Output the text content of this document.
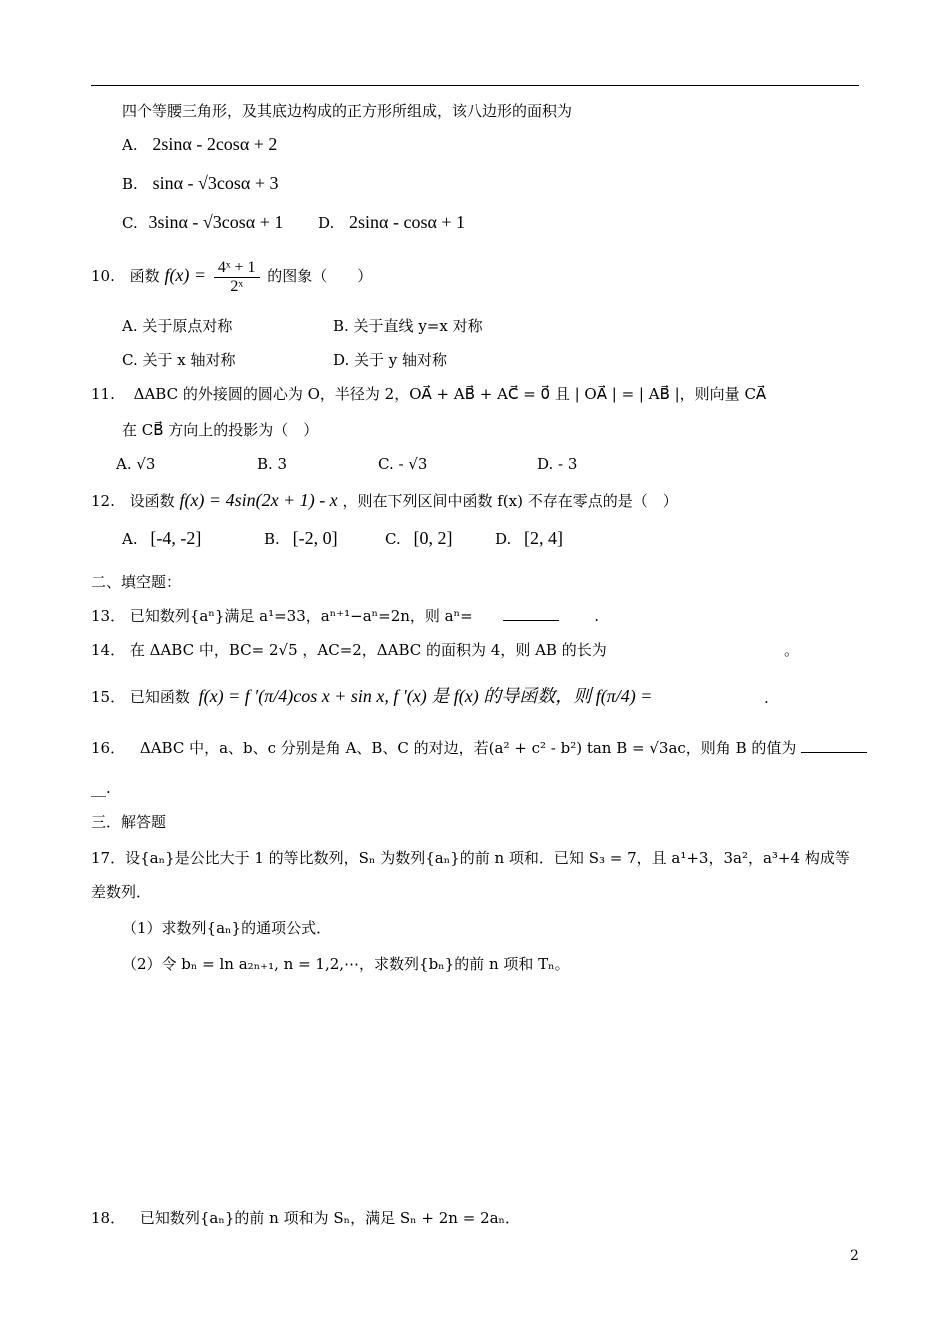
四个等腰三角形，及其底边构成的正方形所组成，该八边形的面积为
A. 2sinα - 2cosα + 2
B. sinα - √3cosα + 3
C. 3sinα - √3cosα + 1 D. 2sinα - cosα + 1
10. 函数 $f(x) = \frac{\text{4ˣ + 1}}{\text{2ˣ}}$ 的图象（　　）
A. 关于原点对称	B. 关于直线 y=x 对称
C. 关于 x 轴对称	D. 关于 y 轴对称
11. ΔABC 的外接圆的圆心为 O，半径为 2，OA⃗ + AB⃗ + AC⃗ = 0⃗ 且 | OA⃗ | = | AB⃗ |，则向量 CA⃗
在 CB⃗ 方向上的投影为（　）
A. √3	B. 3	C. - √3	D. - 3
12. 设函数 f(x) = 4sin(2x + 1) - x ，则在下列区间中函数 f(x) 不存在零点的是（　）
A. [-4, -2]	B. [-2, 0]	C. [0, 2]	D. [2, 4]
二、填空题：
13． 已知数列{aⁿ}满足 a¹=33，aⁿ⁺¹−aⁿ=2n，则 aⁿ=	.
14． 在 ΔABC 中，BC= 2√5 ，AC=2，ΔABC 的面积为 4，则 AB 的长为	。
15． 已知函数 f(x) = f ′(π/4)cos x + sin x, f ′(x) 是 f(x) 的导函数，则 f(π/4) =	.
16． ΔABC 中，a、b、c 分别是角 A、B、C 的对边，若(a² + c² - b²) tan B = √3ac，则角 B 的值为
__.
三．解答题
17．设{aₙ}是公比大于 1 的等比数列，Sₙ 为数列{aₙ}的前 n 项和．已知 S₃ = 7，且 a¹+3，3a²，a³+4 构成等
差数列．
（1）求数列{aₙ}的通项公式．
（2）令 bₙ = ln a₂ₙ₊₁, n = 1,2,⋯，求数列{bₙ}的前 n 项和 Tₙ。
18． 已知数列{aₙ}的前 n 项和为 Sₙ，满足 Sₙ + 2n = 2aₙ．
2
